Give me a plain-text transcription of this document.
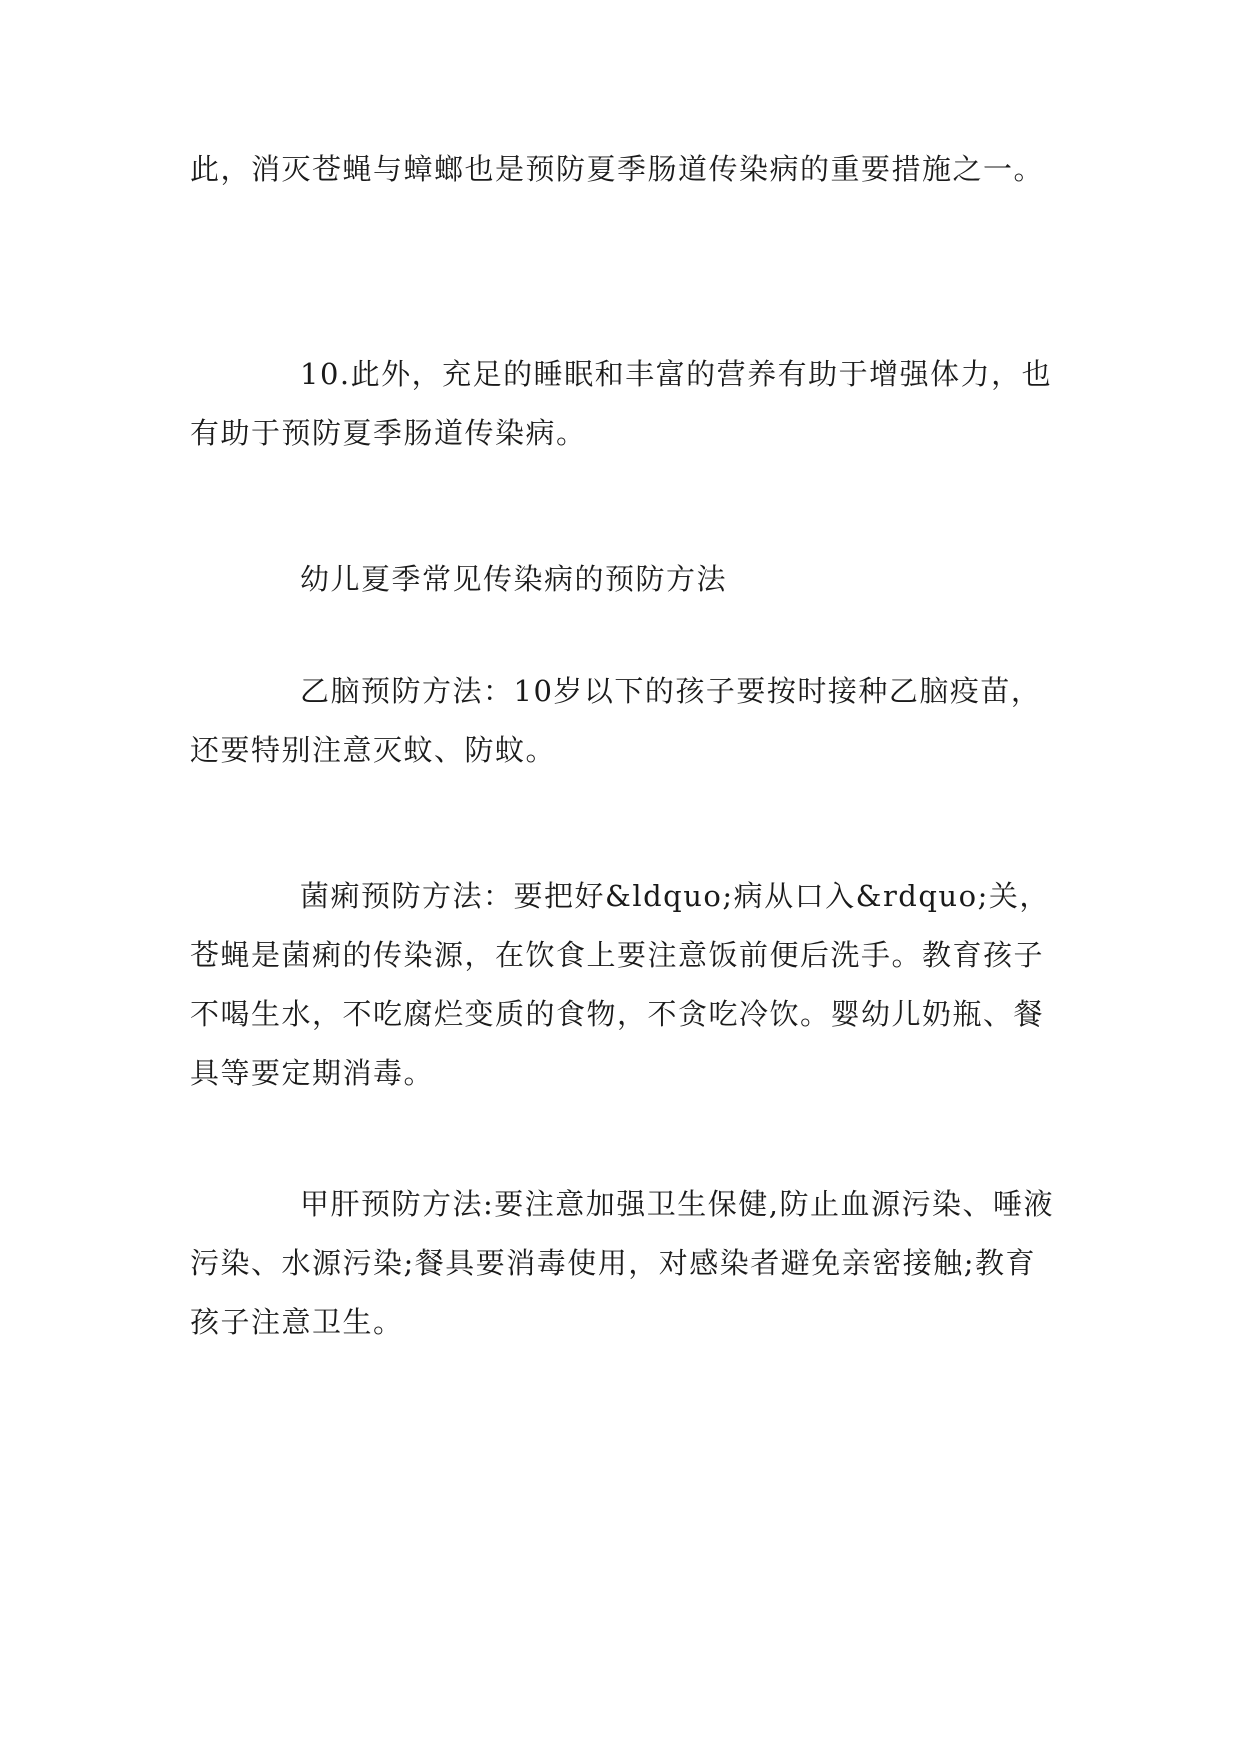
此，消灭苍蝇与蟑螂也是预防夏季肠道传染病的重要措施之一。

10.此外，充足的睡眠和丰富的营养有助于增强体力，也有助于预防夏季肠道传染病。

幼儿夏季常见传染病的预防方法

乙脑预防方法：10岁以下的孩子要按时接种乙脑疫苗，还要特别注意灭蚊、防蚊。

菌痢预防方法：要把好&ldquo;病从口入&rdquo;关，苍蝇是菌痢的传染源，在饮食上要注意饭前便后洗手。教育孩子不喝生水，不吃腐烂变质的食物，不贪吃冷饮。婴幼儿奶瓶、餐具等要定期消毒。

甲肝预防方法:要注意加强卫生保健,防止血源污染、唾液污染、水源污染;餐具要消毒使用，对感染者避免亲密接触;教育孩子注意卫生。
